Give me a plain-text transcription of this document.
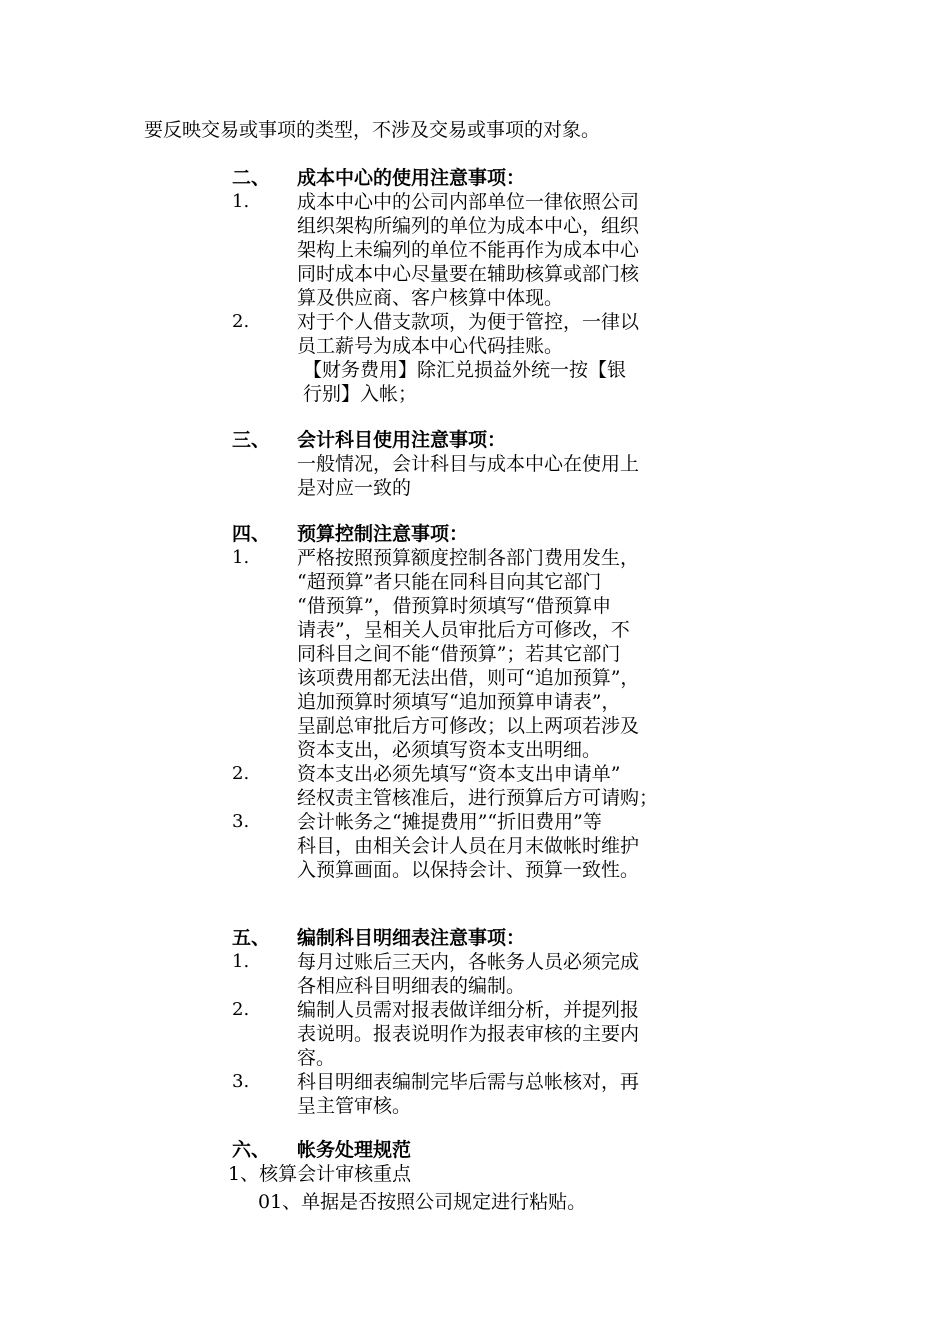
要反映交易或事项的类型，不涉及交易或事项的对象。
二、 成本中心的使用注意事项：
1.	成本中心中的公司内部单位一律依照公司
组织架构所编列的单位为成本中心，组织
架构上未编列的单位不能再作为成本中心
同时成本中心尽量要在辅助核算或部门核
算及供应商、客户核算中体现。
2.	对于个人借支款项，为便于管控，一律以
员工薪号为成本中心代码挂账。
【财务费用】除汇兑损益外统一按【银
行别】入帐；
三、 会计科目使用注意事项：
一般情况，会计科目与成本中心在使用上
是对应一致的
四、 预算控制注意事项：
1.	严格按照预算额度控制各部门费用发生，
“超预算”者只能在同科目向其它部门
“借预算”，借预算时须填写“借预算申
请表”，呈相关人员审批后方可修改，不
同科目之间不能“借预算”；若其它部门
该项费用都无法出借，则可“追加预算”，
追加预算时须填写“追加预算申请表”，
呈副总审批后方可修改；以上两项若涉及
资本支出，必须填写资本支出明细。
2.	资本支出必须先填写“资本支出申请单”
经权责主管核准后，进行预算后方可请购；
3.	会计帐务之“摊提费用”“折旧费用”等
科目，由相关会计人员在月末做帐时维护
入预算画面。以保持会计、预算一致性。
五、 编制科目明细表注意事项：
1.	每月过账后三天内，各帐务人员必须完成
各相应科目明细表的编制。
2.	编制人员需对报表做详细分析，并提列报
表说明。报表说明作为报表审核的主要内
容。
3.	科目明细表编制完毕后需与总帐核对，再
呈主管审核。
六、 帐务处理规范
1、核算会计审核重点
01、单据是否按照公司规定进行粘贴。
